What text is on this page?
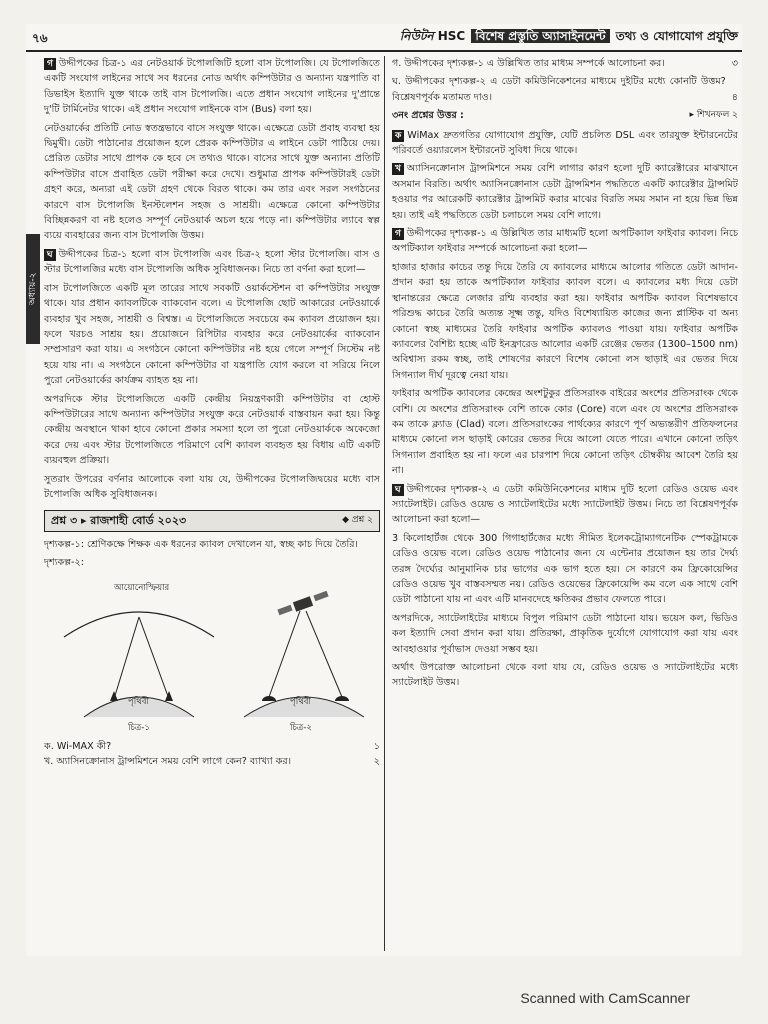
৭৬	নিউটন HSC বিশেষ প্রস্তুতি অ্যাসাইনমেন্ট তথ্য ও যোগাযোগ প্রযুক্তি
অধ্যায়-২

গ উদ্দীপকের চিত্র-১ এর নেটওয়ার্ক টপোলজিটি হলো বাস টপোলজি। যে টপোলজিতে একটি সংযোগ লাইনের সাথে সব ধরনের নোড অর্থাৎ কম্পিউটার ও অন্যান্য যন্ত্রপাতি বা ডিভাইস ইত্যাদি যুক্ত থাকে তাই বাস টপোলজি। এতে প্রধান সংযোগ লাইনের দু'প্রান্তে দু'টি টার্মিনেটর থাকে। এই প্রধান সংযোগ লাইনকে বাস (Bus) বলা হয়।

নেটওয়ার্কের প্রতিটি নোড স্বতন্ত্রভাবে বাসে সংযুক্ত থাকে। এক্ষেত্রে ডেটা প্রবাহ ব্যবস্থা হয় দ্বিমুখী। ডেটা পাঠানোর প্রয়োজন হলে প্রেরক কম্পিউটার এ লাইনে ডেটা পাঠিয়ে দেয়। প্রেরিত ডেটার সাথে প্রাপক কে হবে সে তথ্যও থাকে। বাসের সাথে যুক্ত অন্যান্য প্রতিটি কম্পিউটার বাসে প্রবাহিত ডেটা পরীক্ষা করে দেখে। শুধুমাত্র প্রাপক কম্পিউটারই ডেটা গ্রহণ করে, অন্যরা এই ডেটা গ্রহণ থেকে বিরত থাকে। কম তার এবং সরল সংগঠনের কারণে বাস টপোলজি ইনস্টলেশন সহজ ও সাশ্রয়ী। এক্ষেত্রে কোনো কম্পিউটার বিচ্ছিন্নকরণ বা নষ্ট হলেও সম্পূর্ণ নেটওয়ার্ক অচল হয়ে পড়ে না। কম্পিউটার ল্যাবে স্বল্প ব্যয়ে ব্যবহারের জন্য বাস টপোলজি উত্তম।

ঘ উদ্দীপকের চিত্র-১ হলো বাস টপোলজি এবং চিত্র-২ হলো স্টার টপোলজি। বাস ও স্টার টপোলজির মধ্যে বাস টপোলজি অধিক সুবিধাজনক। নিচে তা বর্ণনা করা হলো—

বাস টপোলজিতে একটি মূল তারের সাথে সবকটি ওয়ার্কস্টেশন বা কম্পিউটার সংযুক্ত থাকে। যার প্রধান ক্যাবলটিকে ব্যাকবোন বলে। এ টপোলজি ছোট আকারের নেটওয়ার্কে ব্যবহার খুব সহজ, সাশ্রয়ী ও বিশ্বস্ত। এ টপোলজিতে সবচেয়ে কম ক্যাবল প্রয়োজন হয়। ফলে খরচও সাশ্রয় হয়। প্রয়োজনে রিপিটার ব্যবহার করে নেটওয়ার্কের ব্যাকবোন সম্প্রসারণ করা যায়। এ সংগঠনে কোনো কম্পিউটার নষ্ট হয়ে গেলে সম্পূর্ণ সিস্টেম নষ্ট হয়ে যায় না। এ সংগঠনে কোনো কম্পিউটার বা যন্ত্রপাতি যোগ করলে বা সরিয়ে নিলে পুরো নেটওয়ার্কের কার্যক্রম ব্যাহত হয় না।

অপরদিকে স্টার টপোলজিতে একটি কেন্দ্রীয় নিয়ন্ত্রণকারী কম্পিউটার বা হোস্ট কম্পিউটারের সাথে অন্যান্য কম্পিউটার সংযুক্ত করে নেটওয়ার্ক বাস্তবায়ন করা হয়। কিন্তু কেন্দ্রীয় অবস্থানে থাকা হাবে কোনো প্রকার সমস্যা হলে তা পুরো নেটওয়ার্ককে অকেজো করে দেয় এবং স্টার টপোলজিতে পরিমাণে বেশি ক্যাবল ব্যবহৃত হয় বিধায় এটি একটি ব্যয়বহুল প্রক্রিয়া।

সুতরাং উপরের বর্ণনার আলোকে বলা যায় যে, উদ্দীপকের টপোলজিদ্বয়ের মধ্যে বাস টপোলজি অধিক সুবিধাজনক।

প্রশ্ন ৩ ▸ রাজশাহী বোর্ড ২০২৩	◆ প্রশ্ন ২

দৃশ্যকল্প-১: শ্রেণিকক্ষে শিক্ষক এক ধরনের ক্যাবল দেখালেন যা, স্বচ্ছ কাচ দিয়ে তৈরি।

দৃশ্যকল্প-২:

আয়োনোস্ফিয়ার
পৃথিবী
চিত্র-১
পৃথিবী
চিত্র-২
ক. Wi-MAX কী?	১
খ. অ্যাসিনক্রোনাস ট্রান্সমিশনে সময় বেশি লাগে কেন? ব্যাখ্যা কর।	২
গ. উদ্দীপকের দৃশ্যকল্প-১ এ উল্লিখিত তার মাধ্যম সম্পর্কে আলোচনা কর।	৩
ঘ. উদ্দীপকের দৃশ্যকল্প-২ এ ডেটা কমিউনিকেশনের মাধ্যমে দুইটির মধ্যে কোনটি উত্তম? বিশ্লেষণপূর্বক মতামত দাও।	৪
৩নং প্রশ্নের উত্তর :	▸ শিখনফল ২

ক WiMax দ্রুতগতির যোগাযোগ প্রযুক্তি, যেটি প্রচলিত DSL এবং তারযুক্ত ইন্টারনেটের পরিবর্তে ওয়্যারলেস ইন্টারনেট সুবিধা দিয়ে থাকে।

খ অ্যাসিনক্রোনাস ট্রান্সমিশনে সময় বেশি লাগার কারণ হলো দুটি ক্যারেক্টারের মাঝখানে অসমান বিরতি। অর্থাৎ অ্যাসিনক্রোনাস ডেটা ট্রান্সমিশন পদ্ধতিতে একটি ক্যারেক্টার ট্রান্সমিট হওয়ার পর আরেকটি ক্যারেক্টার ট্রান্সমিট করার মাঝের বিরতি সময় সমান না হয়ে ভিন্ন ভিন্ন হয়। তাই এই পদ্ধতিতে ডেটা চলাচলে সময় বেশি লাগে।

গ উদ্দীপকের দৃশ্যকল্প-১ এ উল্লিখিত তার মাধ্যমটি হলো অপটিক্যাল ফাইবার ক্যাবল। নিচে অপটিক্যাল ফাইবার সম্পর্কে আলোচনা করা হলো—

হাজার হাজার কাচের তন্তু দিয়ে তৈরি যে ক্যাবলের মাধ্যমে আলোর গতিতে ডেটা আদান-প্রদান করা হয় তাকে অপটিক্যাল ফাইবার ক্যাবল বলে। এ ক্যাবলের মধ্য দিয়ে ডেটা স্থানান্তরের ক্ষেত্রে লেজার রশ্মি ব্যবহার করা হয়। ফাইবার অপটিক ক্যাবল বিশেষভাবে পরিশুদ্ধ কাচের তৈরি অত্যন্ত সূক্ষ্ম তন্তু, যদিও বিশেষ্যায়িত কাজের জন্য প্লাস্টিক বা অন্য কোনো স্বচ্ছ মাধ্যমের তৈরি ফাইবার অপটিক ক্যাবলও পাওয়া যায়। ফাইবার অপটিক ক্যাবলের বৈশিষ্ট্য হচ্ছে এটি ইনফ্রারেড আলোর একটি রেঞ্জের ভেতর (1300–1500 nm) অবিশ্বাস্য রকম স্বচ্ছ, তাই শোষণের কারণে বিশেষ কোনো লস ছাড়াই এর ভেতর দিয়ে সিগন্যাল দীর্ঘ দূরত্বে নেয়া যায়।

ফাইবার অপটিক ক্যাবলের কেন্দ্রের অংশটুকুর প্রতিসরাংক বাইরের অংশের প্রতিসরাংক থেকে বেশি। যে অংশের প্রতিসরাংক বেশি তাকে কোর (Core) বলে এবং যে অংশের প্রতিসরাংক কম তাকে ক্ল্যাড (Clad) বলে। প্রতিসরাংকের পার্থক্যের কারণে পূর্ণ অভ্যন্তরীণ প্রতিফলনের মাধ্যমে কোনো লস ছাড়াই কোরের ভেতর দিয়ে আলো যেতে পারে। এখানে কোনো তড়িৎ সিগন্যাল প্রবাহিত হয় না। ফলে এর চারপাশ দিয়ে কোনো তড়িৎ চৌম্বকীয় আবেশ তৈরি হয় না।

ঘ উদ্দীপকের দৃশ্যকল্প-২ এ ডেটা কমিউনিকেশনের মাধ্যম দুটি হলো রেডিও ওয়েভ এবং স্যাটেলাইট। রেডিও ওয়েভ ও স্যাটেলাইটের মধ্যে স্যাটেলাইট উত্তম। নিচে তা বিশ্লেষণপূর্বক আলোচনা করা হলো—

3 কিলোহার্টজ থেকে 300 গিগাহার্টজের মধ্যে সীমিত ইলেকট্রোম্যাগনেটিক স্পেকট্রামকে রেডিও ওয়েভ বলে। রেডিও ওয়েভ পাঠানোর জন্য যে এন্টেনার প্রয়োজন হয় তার দৈর্ঘ্য তরঙ্গ দৈর্ঘ্যের আনুমানিক চার ভাগের এক ভাগ হতে হয়। সে কারণে কম ফ্রিকোয়েন্সির রেডিও ওয়েভ খুব বাস্তবসম্মত নয়। রেডিও ওয়েভের ফ্রিকোয়েন্সি কম বলে এক সাথে বেশি ডেটা পাঠানো যায় না এবং এটি মানবদেহে ক্ষতিকর প্রভাব ফেলতে পারে।

অপরদিকে, স্যাটেলাইটের মাধ্যমে বিপুল পরিমাণ ডেটা পাঠানো যায়। ভয়েস কল, ভিডিও কল ইত্যাদি সেবা প্রদান করা যায়। প্রতিরক্ষা, প্রাকৃতিক দুর্যোগে যোগাযোগ করা যায় এবং আবহাওয়ার পূর্বাভাস দেওয়া সম্ভব হয়।

অর্থাৎ উপরোক্ত আলোচনা থেকে বলা যায় যে, রেডিও ওয়েভ ও স্যাটেলাইটের মধ্যে স্যাটেলাইট উত্তম।

Scanned with CamScanner
